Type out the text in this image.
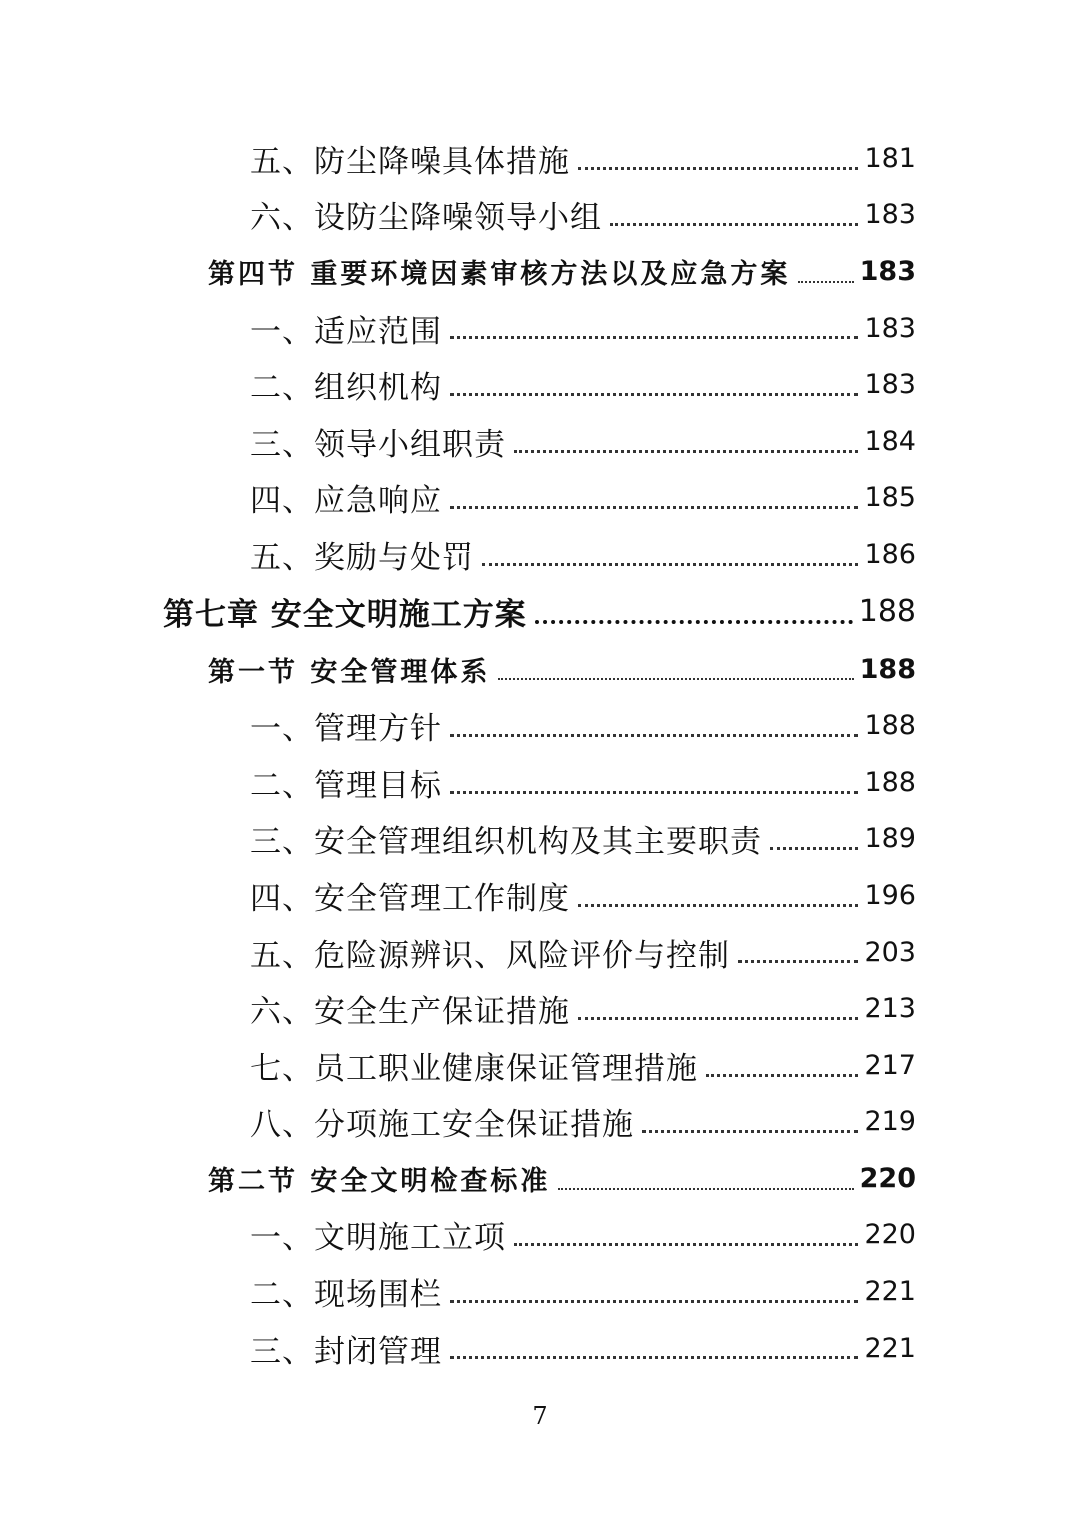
五、防尘降噪具体措施	181
六、设防尘降噪领导小组	183
第四节 重要环境因素审核方法以及应急方案	183
一、适应范围	183
二、组织机构	183
三、领导小组职责	184
四、应急响应	185
五、奖励与处罚	186
第七章 安全文明施工方案	188
第一节 安全管理体系	188
一、管理方针	188
二、管理目标	188
三、安全管理组织机构及其主要职责	189
四、安全管理工作制度	196
五、危险源辨识、风险评价与控制	203
六、安全生产保证措施	213
七、员工职业健康保证管理措施	217
八、分项施工安全保证措施	219
第二节 安全文明检查标准	220
一、文明施工立项	220
二、现场围栏	221
三、封闭管理	221
7
